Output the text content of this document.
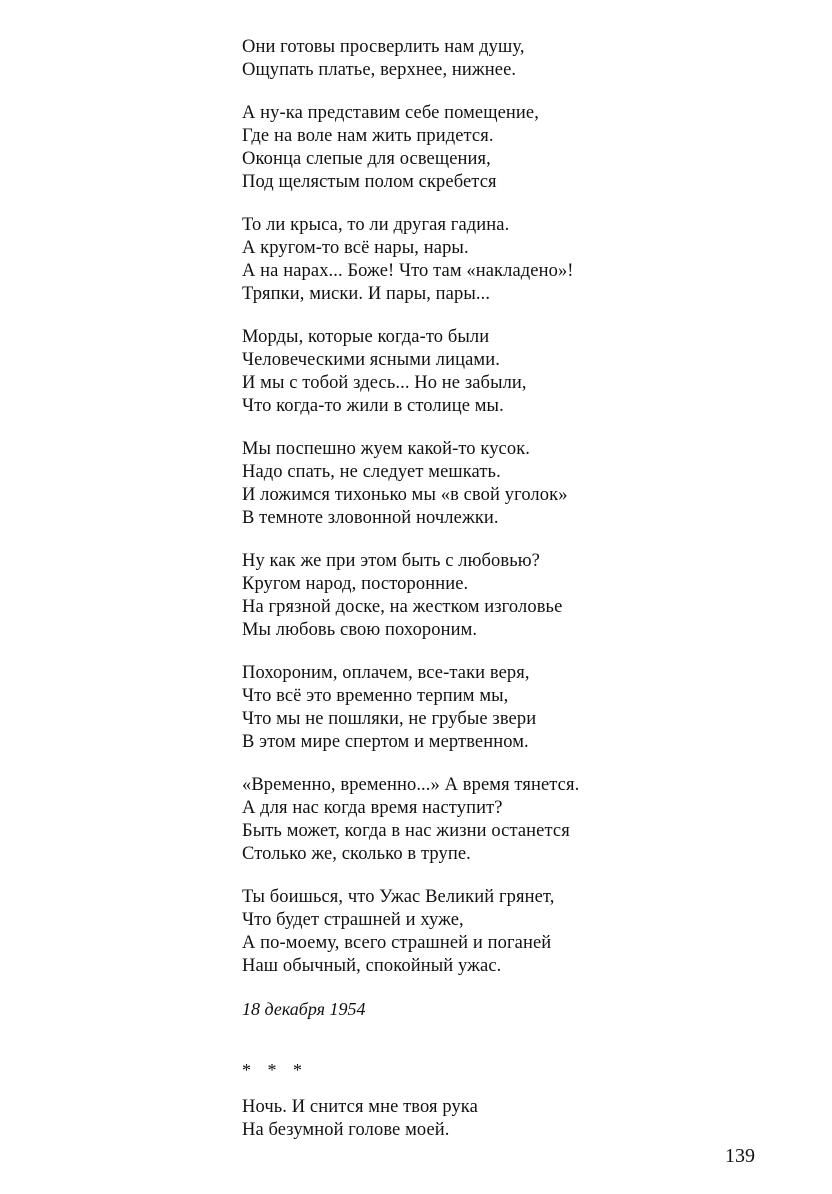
Они готовы просверлить нам душу,
Ощупать платье, верхнее, нижнее.
А ну-ка представим себе помещение,
Где на воле нам жить придется.
Оконца слепые для освещения,
Под щелястым полом скребется
То ли крыса, то ли другая гадина.
А кругом-то всё нары, нары.
А на нарах... Боже! Что там «накладено»!
Тряпки, миски. И пары, пары...
Морды, которые когда-то были
Человеческими ясными лицами.
И мы с тобой здесь... Но не забыли,
Что когда-то жили в столице мы.
Мы поспешно жуем какой-то кусок.
Надо спать, не следует мешкать.
И ложимся тихонько мы «в свой уголок»
В темноте зловонной ночлежки.
Ну как же при этом быть с любовью?
Кругом народ, посторонние.
На грязной доске, на жестком изголовье
Мы любовь свою похороним.
Похороним, оплачем, все-таки веря,
Что всё это временно терпим мы,
Что мы не пошляки, не грубые звери
В этом мире спертом и мертвенном.
«Временно, временно...» А время тянется.
А для нас когда время наступит?
Быть может, когда в нас жизни останется
Столько же, сколько в трупе.
Ты боишься, что Ужас Великий грянет,
Что будет страшней и хуже,
А по-моему, всего страшней и поганей
Наш обычный, спокойный ужас.
18 декабря 1954
* * *
Ночь. И снится мне твоя рука
На безумной голове моей.
139
